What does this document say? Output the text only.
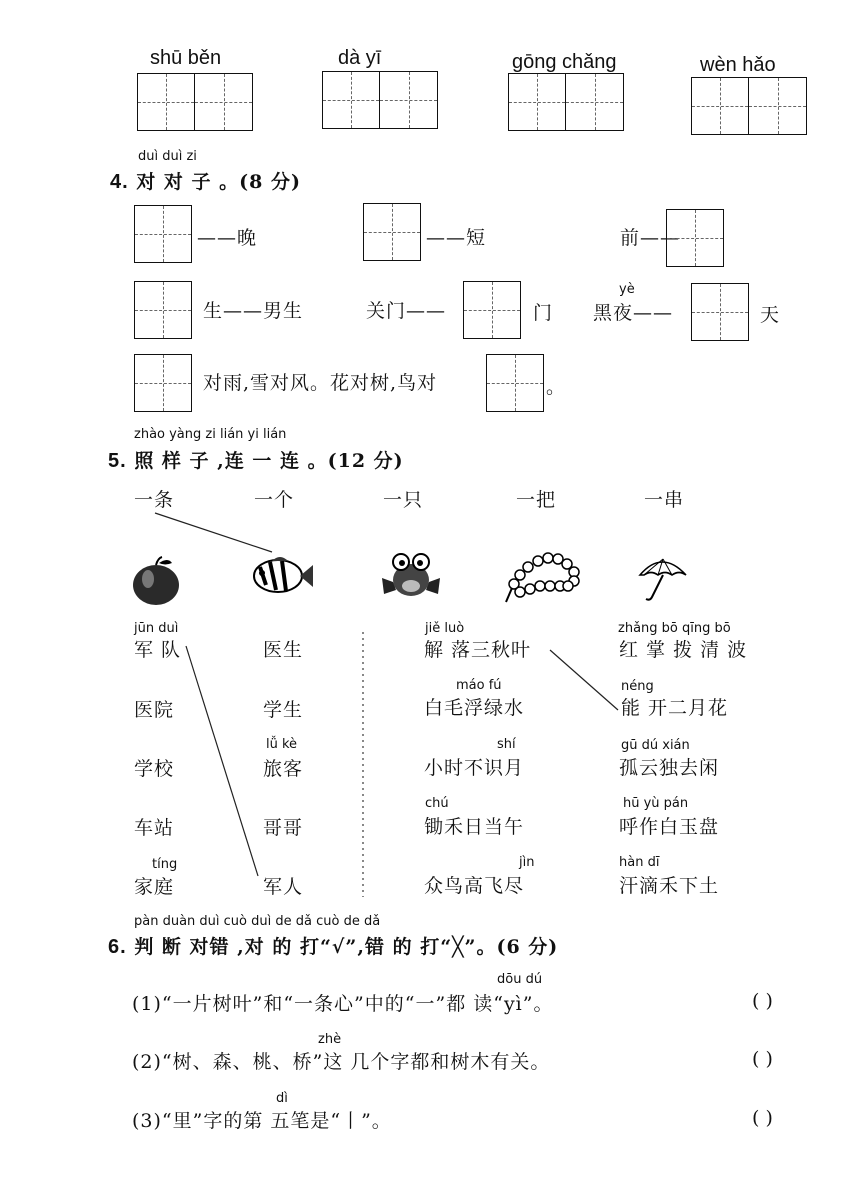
shū běn	dà yī	gōng chǎng	wèn hǎo
duì duì zi
4. 对 对 子 。(8 分)
——晚	——短	前——
生——男生	关门——	门
yè
黑夜——	天
对雨,雪对风。花对树,鸟对	。
zhào yàng zi lián yi lián
5. 照 样 子 ,连 一 连 。(12 分)
一条	一个	一只	一把	一串
jūn duì
军 队
医院
学校
车站
tíng
家庭
医生
学生
lǚ kè
旅客
哥哥
军人
jiě luò
解 落三秋叶
máo fú
白毛浮绿水
shí
小时不识月
chú
锄禾日当午
jìn
众鸟高飞尽
zhǎng bō qīng bō
红 掌 拨 清 波
néng
能 开二月花
gū dú xián
孤云独去闲
hū yù pán
呼作白玉盘
hàn dī
汗滴禾下土
pàn duàn duì cuò duì de dǎ cuò de dǎ
6. 判 断 对错 ,对 的 打“√”,错 的 打“╳”。(6 分)
dōu dú
(1)“一片树叶”和“一条心”中的“一”都 读“yì”。	( )
zhè
(2)“树、森、桃、桥”这 几个字都和树木有关。	( )
dì
(3)“里”字的第 五笔是“丨”。	( )
